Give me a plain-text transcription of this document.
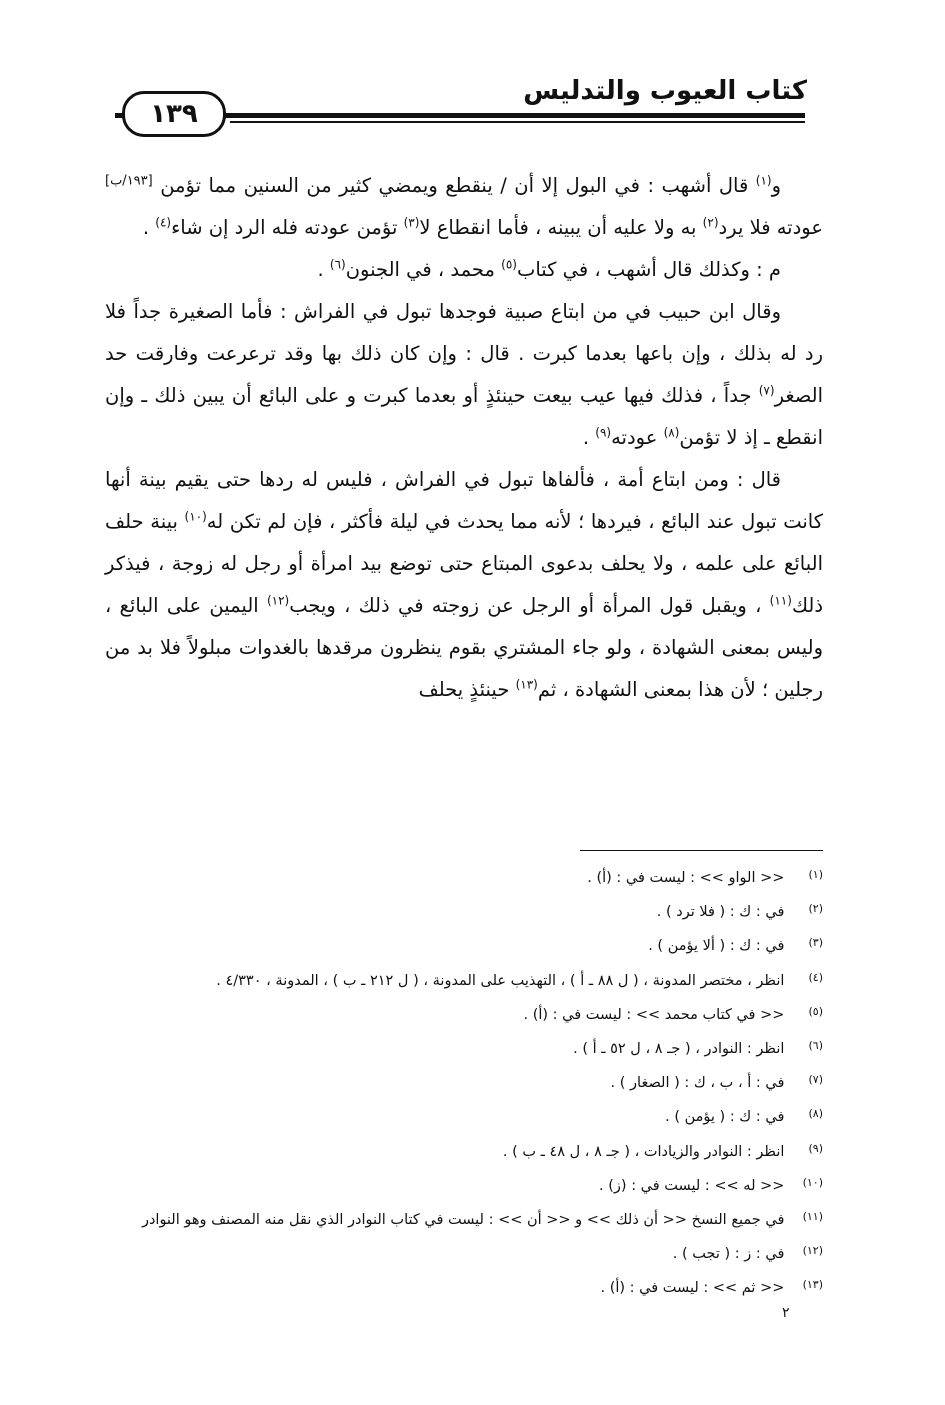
كتاب العيوب والتدليس
١٣٩

و$^{(١)}$ قال أشهب : في البول إلا أن / ينقطع ويمضي كثير من السنين مما تؤمن [١٩٣/ب] عودته فلا يرد$^{(٢)}$ به ولا عليه أن يبينه ، فأما انقطاع لا$^{(٣)}$ تؤمن عودته فله الرد إن شاء$^{(٤)}$ .

م : وكذلك قال أشهب ، في كتاب$^{(٥)}$ محمد ، في الجنون$^{(٦)}$ .

وقال ابن حبيب في من ابتاع صبية فوجدها تبول في الفراش : فأما الصغيرة جداً فلا رد له بذلك ، وإن باعها بعدما كبرت . قال : وإن كان ذلك بها وقد ترعرعت وفارقت حد الصغر$^{(٧)}$ جداً ، فذلك فيها عيب بيعت حينئذٍ أو بعدما كبرت و على البائع أن يبين ذلك ـ وإن انقطع ـ إذ لا تؤمن$^{(٨)}$ عودته$^{(٩)}$ .

قال : ومن ابتاع أمة ، فألفاها تبول في الفراش ، فليس له ردها حتى يقيم بينة أنها كانت تبول عند البائع ، فيردها ؛ لأنه مما يحدث في ليلة فأكثر ، فإن لم تكن له$^{(١٠)}$ بينة حلف البائع على علمه ، ولا يحلف بدعوى المبتاع حتى توضع بيد امرأة أو رجل له زوجة ، فيذكر ذلك$^{(١١)}$ ، ويقبل قول المرأة أو الرجل عن زوجته في ذلك ، ويجب$^{(١٢)}$ اليمين على البائع ، وليس بمعنى الشهادة ، ولو جاء المشتري بقوم ينظرون مرقدها بالغدوات مبلولاً فلا بد من رجلين ؛ لأن هذا بمعنى الشهادة ، ثم$^{(١٣)}$ حينئذٍ يحلف

(١) << الواو >> : ليست في : (أ) .
(٢) في : ك : ( فلا ترد ) .
(٣) في : ك : ( ألا يؤمن ) .
(٤) انظر ، مختصر المدونة ، ( ل ٨٨ ـ أ ) ، التهذيب على المدونة ، ( ل ٢١٢ ـ ب ) ، المدونة ، ٤/٣٣٠ .
(٥) << في كتاب محمد >> : ليست في : (أ) .
(٦) انظر : النوادر ، ( جـ ٨ ، ل ٥٢ ـ أ ) .
(٧) في : أ ، ب ، ك : ( الصغار ) .
(٨) في : ك : ( يؤمن ) .
(٩) انظر : النوادر والزيادات ، ( جـ ٨ ، ل ٤٨ ـ ب ) .
(١٠) << له >> : ليست في : (ز) .
(١١) في جميع النسخ << أن ذلك >> و << أن >> : ليست في كتاب النوادر الذي نقل منه المصنف وهو النوادر
(١٢) في : ز : ( تجب ) .
(١٣) << ثم >> : ليست في : (أ) .
٢
